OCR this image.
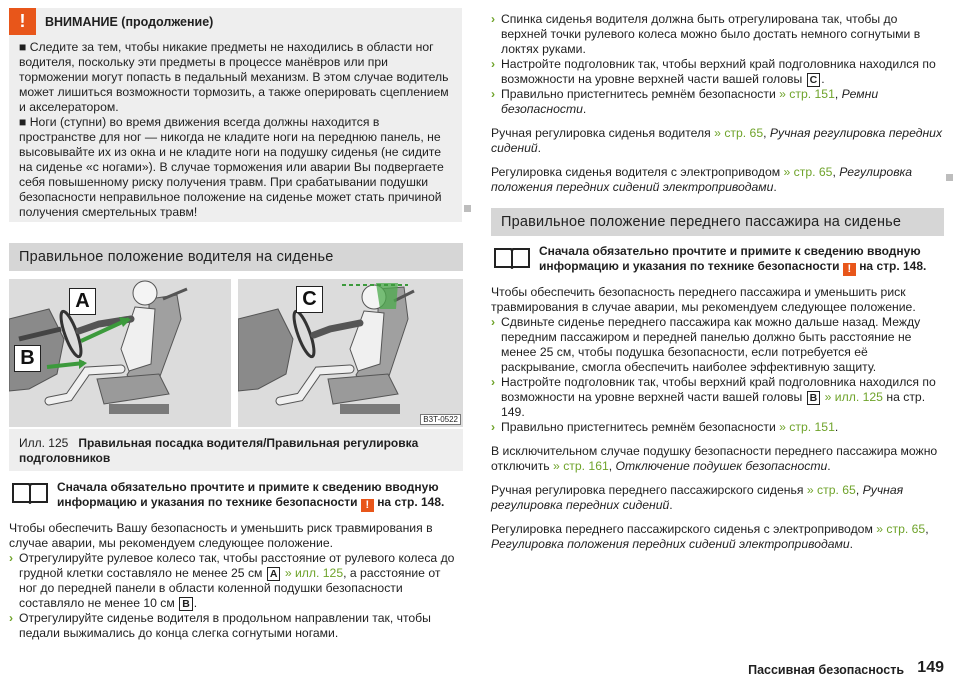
!	ВНИМАНИЕ (продолжение)

■ Следите за тем, чтобы никакие предметы не находились в области ног водителя, поскольку эти предметы в процессе манёвров или при торможении могут попасть в педальный механизм. В этом случае водитель может лишиться возможности тормозить, а также оперировать сцеплением и акселератором.

■ Ноги (ступни) во время движения всегда должны находится в пространстве для ног — никогда не кладите ноги на переднюю панель, не высовывайте их из окна и не кладите ноги на подушку сиденья (не сидите на сиденье «с ногами»). В случае торможения или аварии Вы подвергаете себя повышенному риску получения травм. При срабатывании подушки безопасности неправильное положение на сиденье может стать причиной получения смертельных травм!

Правильное положение водителя на сиденье
A
B
C
B3T-0522
Илл. 125 Правильная посадка водителя/Правильная регулировка подголовников
Сначала обязательно прочтите и примите к сведению вводную информацию и указания по технике безопасности ! на стр. 148.

Чтобы обеспечить Вашу безопасность и уменьшить риск травмирования в случае аварии, мы рекомендуем следующее положение.

› Отрегулируйте рулевое колесо так, чтобы расстояние от рулевого колеса до грудной клетки составляло не менее 25 см A » илл. 125, а расстояние от ног до передней панели в области коленной подушки безопасности составляло не менее 10 см B .

› Отрегулируйте сиденье водителя в продольном направлении так, чтобы педали выжимались до конца слегка согнутыми ногами.

› Спинка сиденья водителя должна быть отрегулирована так, чтобы до верхней точки рулевого колеса можно было достать немного согнутыми в локтях руками.

› Настройте подголовник так, чтобы верхний край подголовника находился по возможности на уровне верхней части вашей головы C .

› Правильно пристегнитесь ремнём безопасности » стр. 151, Ремни безопасности.

Ручная регулировка сиденья водителя » стр. 65, Ручная регулировка передних сидений.

Регулировка сиденья водителя с электроприводом » стр. 65, Регулировка положения передних сидений электроприводами.

Правильное положение переднего пассажира на сиденье
Сначала обязательно прочтите и примите к сведению вводную информацию и указания по технике безопасности ! на стр. 148.

Чтобы обеспечить безопасность переднего пассажира и уменьшить риск травмирования в случае аварии, мы рекомендуем следующее положение.

› Сдвиньте сиденье переднего пассажира как можно дальше назад. Между передним пассажиром и передней панелью должно быть расстояние не менее 25 см, чтобы подушка безопасности, если потребуется её раскрывание, смогла обеспечить наиболее эффективную защиту.

› Настройте подголовник так, чтобы верхний край подголовника находился по возможности на уровне верхней части вашей головы B » илл. 125 на стр. 149.

› Правильно пристегнитесь ремнём безопасности » стр. 151.

В исключительном случае подушку безопасности переднего пассажира можно отключить » стр. 161, Отключение подушек безопасности.

Ручная регулировка переднего пассажирского сиденья » стр. 65, Ручная регулировка передних сидений.

Регулировка переднего пассажирского сиденья с электроприводом » стр. 65, Регулировка положения передних сидений электроприводами.

Пассивная безопасность 149
